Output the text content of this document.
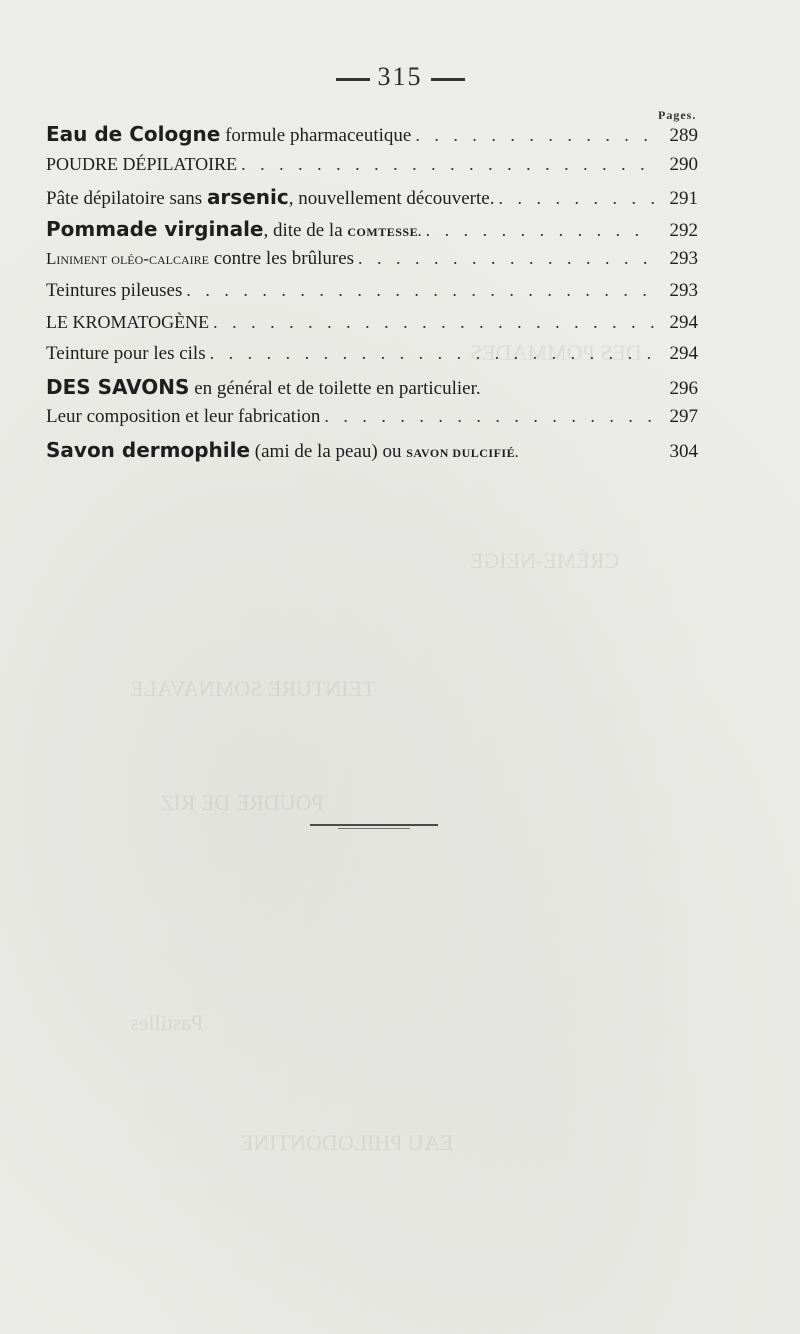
DES POMMADES
CRÈME-NEIGE
TEINTURE SOMNAVALE
POUDRE DE RIZ
Pastilles
EAU PHILODONTINE
315
Pages.
Eau de Cologne formule pharmaceutique . . .	289
POUDRE DÉPILATOIRE . . .	290
Pâte dépilatoire sans arsenic, nouvellement découverte. . . .	291
Pommade virginale, dite de la COMTESSE. . . .	292
Liniment oléo-calcaire contre les brûlures . . .	293
Teintures pileuses . . .	293
LE KROMATOGÈNE . . .	294
Teinture pour les cils . . .	294
DES SAVONS en général et de toilette en particulier.	296
Leur composition et leur fabrication . . .	297
Savon dermophile (ami de la peau) ou SAVON DULCIFIÉ.	304
